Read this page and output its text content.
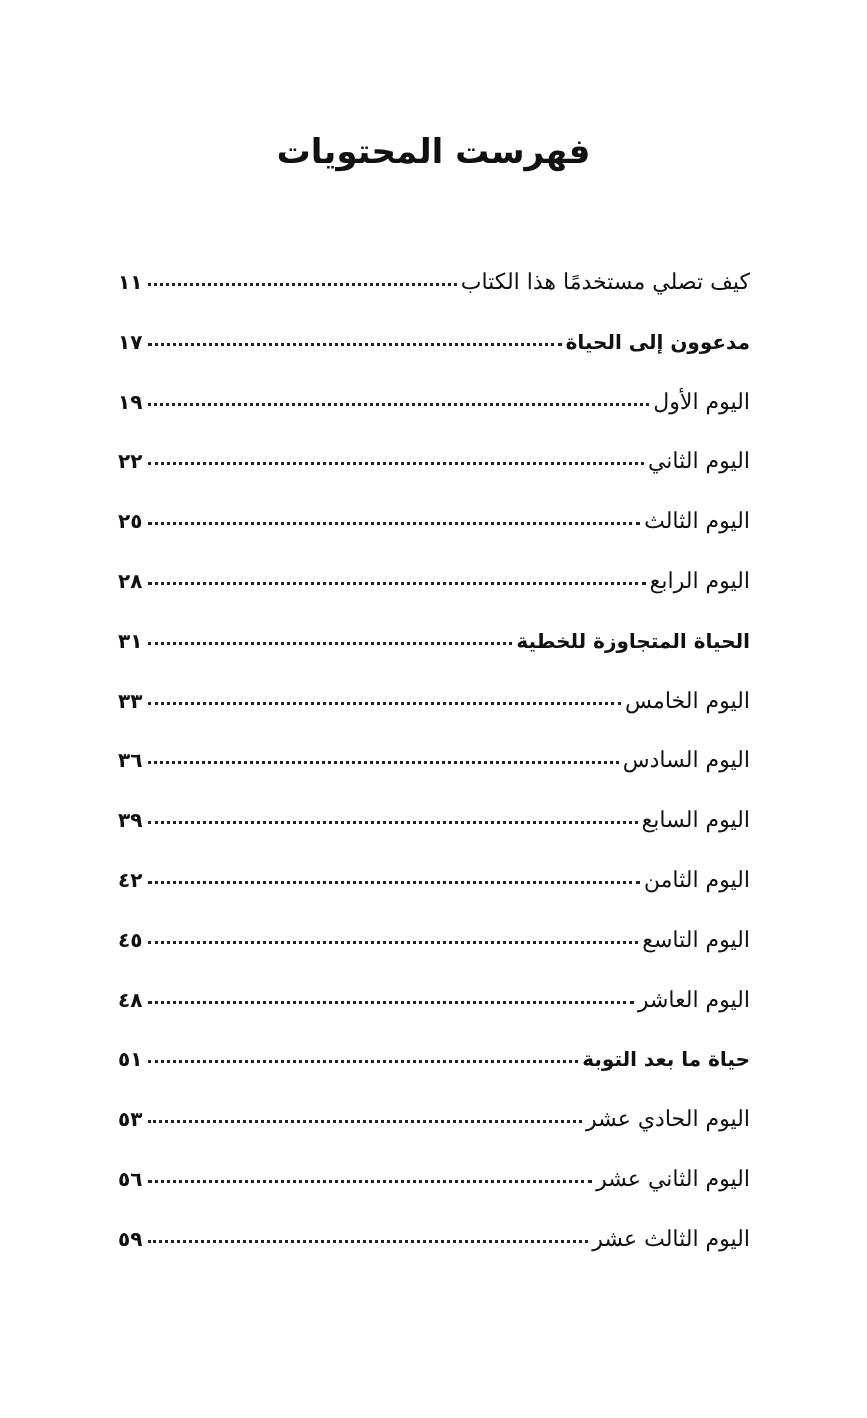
فهرست المحتويات
كيف تصلي مستخدمًا هذا الكتاب
١١
مدعوون إلى الحياة
١٧
اليوم الأول
١٩
اليوم الثاني
٢٢
اليوم الثالث
٢٥
اليوم الرابع
٢٨
الحياة المتجاوزة للخطية
٣١
اليوم الخامس
٣٣
اليوم السادس
٣٦
اليوم السابع
٣٩
اليوم الثامن
٤٢
اليوم التاسع
٤٥
اليوم العاشر
٤٨
حياة ما بعد التوبة
٥١
اليوم الحادي عشر
٥٣
اليوم الثاني عشر
٥٦
اليوم الثالث عشر
٥٩
